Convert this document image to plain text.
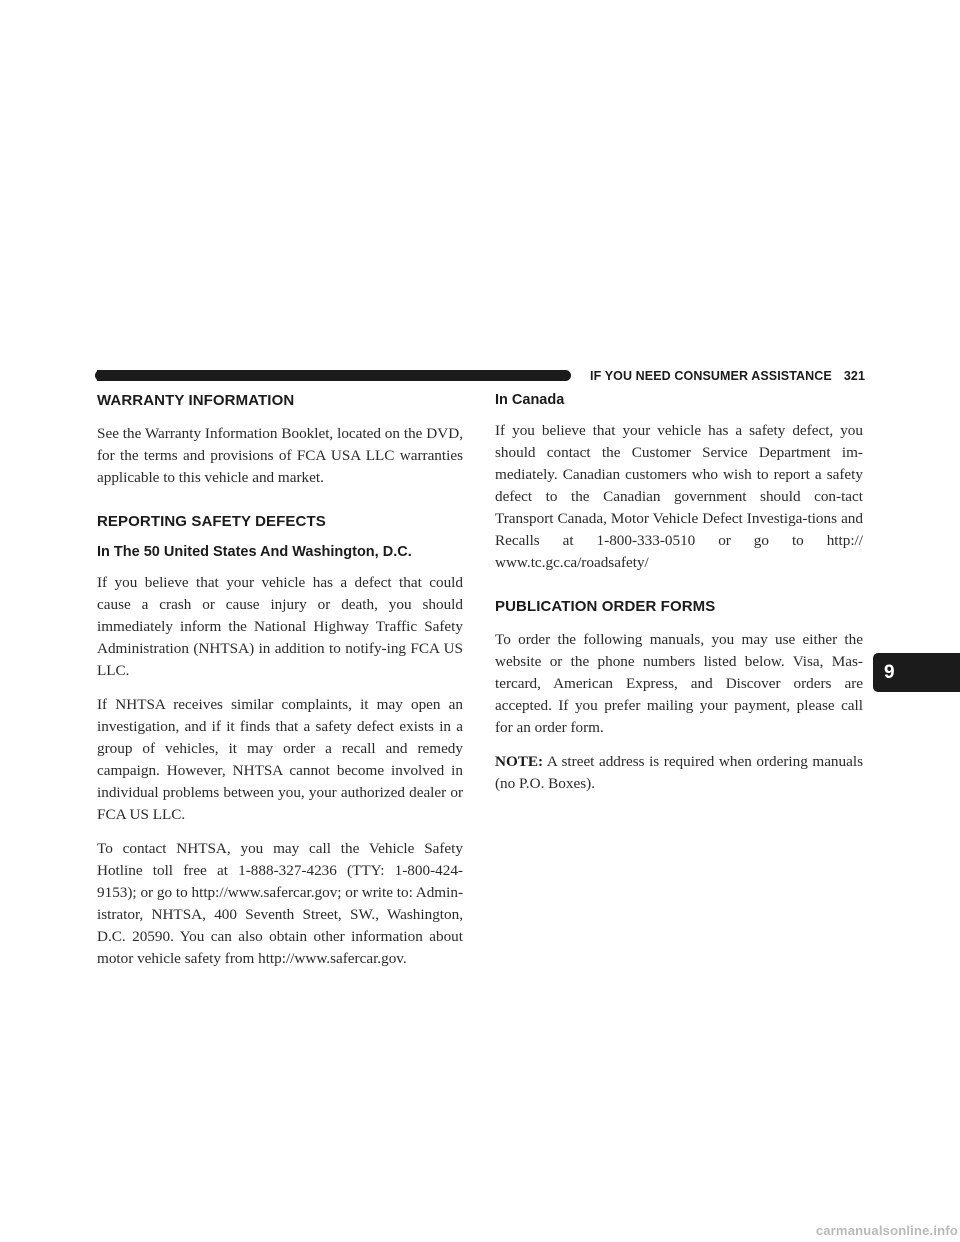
IF YOU NEED CONSUMER ASSISTANCE 321
WARRANTY INFORMATION

See the Warranty Information Booklet, located on the DVD, for the terms and provisions of FCA USA LLC warranties applicable to this vehicle and market.

REPORTING SAFETY DEFECTS
In The 50 United States And Washington, D.C.

If you believe that your vehicle has a defect that could cause a crash or cause injury or death, you should immediately inform the National Highway Traffic Safety Administration (NHTSA) in addition to notify-ing FCA US LLC.

If NHTSA receives similar complaints, it may open an investigation, and if it finds that a safety defect exists in a group of vehicles, it may order a recall and remedy campaign. However, NHTSA cannot become involved in individual problems between you, your authorized dealer or FCA US LLC.

To contact NHTSA, you may call the Vehicle Safety Hotline toll free at 1-888-327-4236 (TTY: 1-800-424-9153); or go to http://www.safercar.gov; or write to: Admin-istrator, NHTSA, 400 Seventh Street, SW., Washington, D.C. 20590. You can also obtain other information about motor vehicle safety from http://www.safercar.gov.

In Canada

If you believe that your vehicle has a safety defect, you should contact the Customer Service Department im-mediately. Canadian customers who wish to report a safety defect to the Canadian government should con-tact Transport Canada, Motor Vehicle Defect Investiga-tions and Recalls at 1-800-333-0510 or go to http:// www.tc.gc.ca/roadsafety/

PUBLICATION ORDER FORMS

To order the following manuals, you may use either the website or the phone numbers listed below. Visa, Mas-tercard, American Express, and Discover orders are accepted. If you prefer mailing your payment, please call for an order form.

NOTE: A street address is required when ordering manuals (no P.O. Boxes).

9
carmanualsonline.info
